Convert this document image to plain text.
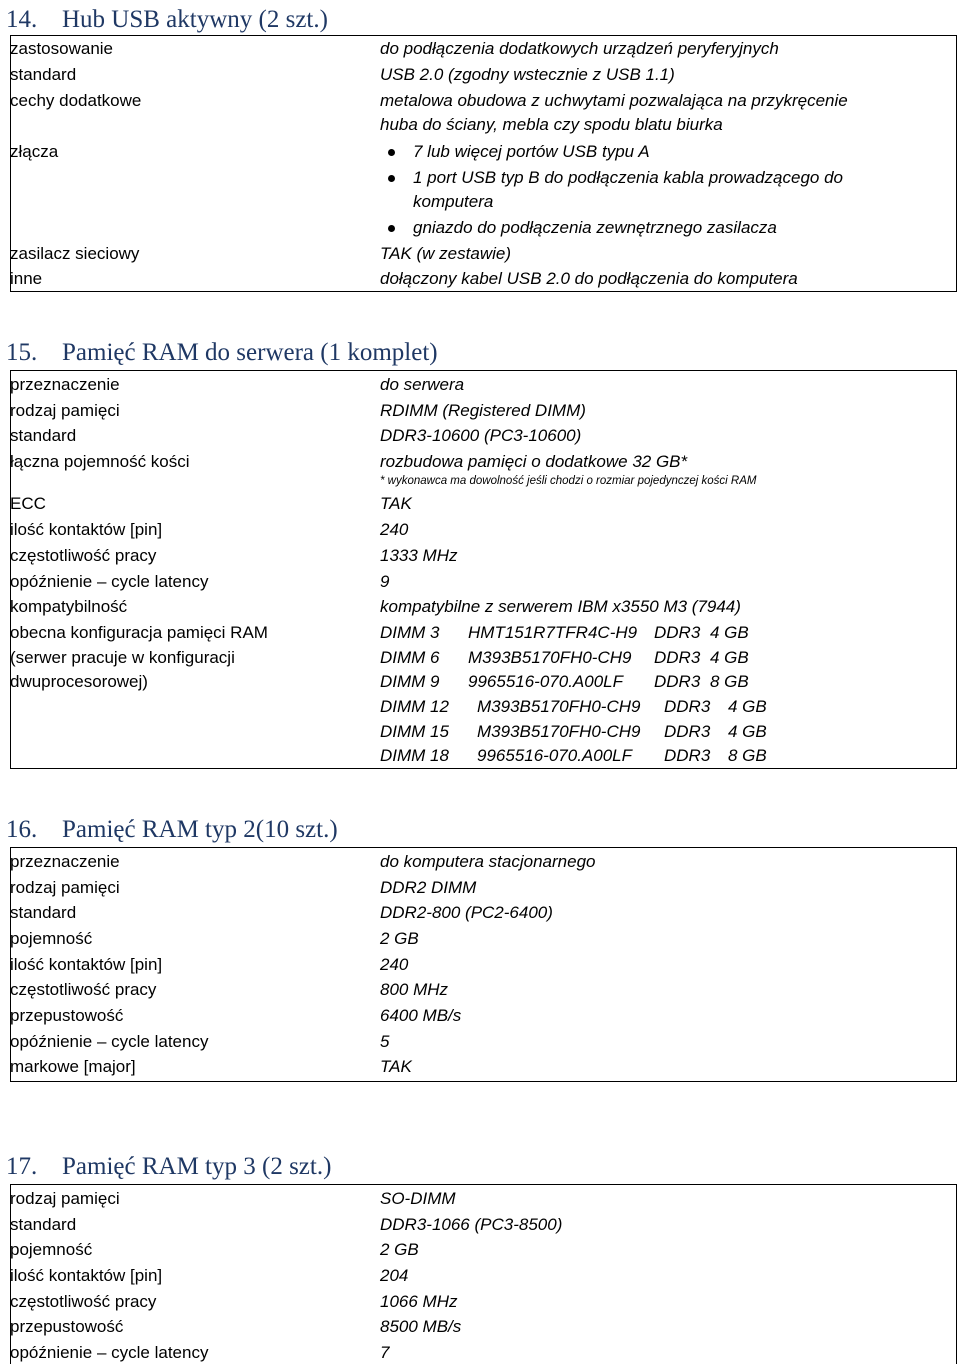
14. Hub USB aktywny (2 szt.)
zastosowanie	do podłączenia dodatkowych urządzeń peryferyjnych
standard	USB 2.0 (zgodny wstecznie z USB 1.1)
cechy dodatkowe	metalowa obudowa z uchwytami pozwalająca na przykręcenie
huba do ściany, mebla czy spodu blatu biurka
złącza	7 lub więcej portów USB typu A
1 port USB typ B do podłączenia kabla prowadzącego do
komputera
gniazdo do podłączenia zewnętrznego zasilacza
zasilacz sieciowy	TAK (w zestawie)
inne	dołączony kabel USB 2.0 do podłączenia do komputera
15. Pamięć RAM do serwera (1 komplet)
przeznaczenie	do serwera
rodzaj pamięci	RDIMM (Registered DIMM)
standard	DDR3-10600 (PC3-10600)
łączna pojemność kości	rozbudowa pamięci o dodatkowe 32 GB*
* wykonawca ma dowolność jeśli chodzi o rozmiar pojedynczej kości RAM
ECC	TAK
ilość kontaktów [pin]	240
częstotliwość pracy	1333 MHz
opóźnienie – cycle latency	9
kompatybilność	kompatybilne z serwerem IBM x3550 M3 (7944)
obecna konfiguracja pamięci RAM
(serwer pracuje w konfiguracji
dwuprocesorowej)
DIMM 3 HMT151R7TFR4C-H9 DDR3 4 GB
DIMM 6 M393B5170FH0-CH9 DDR3 4 GB
DIMM 9 9965516-070.A00LF DDR3 8 GB
DIMM 12 M393B5170FH0-CH9 DDR3 4 GB
DIMM 15 M393B5170FH0-CH9 DDR3 4 GB
DIMM 18 9965516-070.A00LF DDR3 8 GB
16. Pamięć RAM typ 2(10 szt.)
przeznaczenie	do komputera stacjonarnego
rodzaj pamięci	DDR2 DIMM
standard	DDR2-800 (PC2-6400)
pojemność	2 GB
ilość kontaktów [pin]	240
częstotliwość pracy	800 MHz
przepustowość	6400 MB/s
opóźnienie – cycle latency	5
markowe [major]	TAK
17. Pamięć RAM typ 3 (2 szt.)
rodzaj pamięci	SO-DIMM
standard	DDR3-1066 (PC3-8500)
pojemność	2 GB
ilość kontaktów [pin]	204
częstotliwość pracy	1066 MHz
przepustowość	8500 MB/s
opóźnienie – cycle latency	7
